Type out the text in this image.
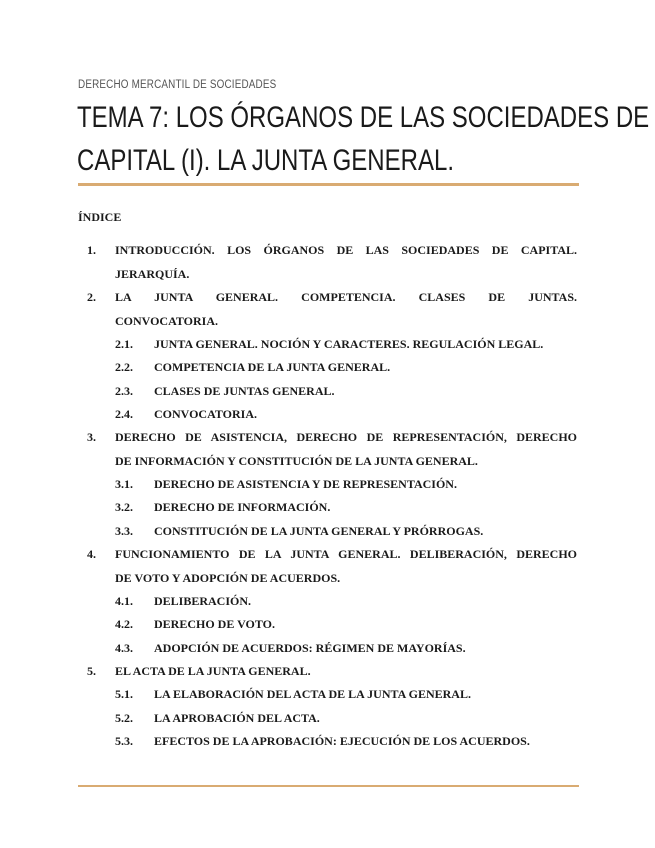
DERECHO MERCANTIL DE SOCIEDADES
TEMA 7: LOS ÓRGANOS DE LAS SOCIEDADES DE
CAPITAL (I). LA JUNTA GENERAL.
ÍNDICE
1. INTRODUCCIÓN. LOS ÓRGANOS DE LAS SOCIEDADES DE CAPITAL.
JERARQUÍA.
2. LA JUNTA GENERAL. COMPETENCIA. CLASES DE JUNTAS.
CONVOCATORIA.
2.1. JUNTA GENERAL. NOCIÓN Y CARACTERES. REGULACIÓN LEGAL.
2.2. COMPETENCIA DE LA JUNTA GENERAL.
2.3. CLASES DE JUNTAS GENERAL.
2.4. CONVOCATORIA.
3. DERECHO DE ASISTENCIA, DERECHO DE REPRESENTACIÓN, DERECHO
DE INFORMACIÓN Y CONSTITUCIÓN DE LA JUNTA GENERAL.
3.1. DERECHO DE ASISTENCIA Y DE REPRESENTACIÓN.
3.2. DERECHO DE INFORMACIÓN.
3.3. CONSTITUCIÓN DE LA JUNTA GENERAL Y PRÓRROGAS.
4. FUNCIONAMIENTO DE LA JUNTA GENERAL. DELIBERACIÓN, DERECHO
DE VOTO Y ADOPCIÓN DE ACUERDOS.
4.1. DELIBERACIÓN.
4.2. DERECHO DE VOTO.
4.3. ADOPCIÓN DE ACUERDOS: RÉGIMEN DE MAYORÍAS.
5. EL ACTA DE LA JUNTA GENERAL.
5.1. LA ELABORACIÓN DEL ACTA DE LA JUNTA GENERAL.
5.2. LA APROBACIÓN DEL ACTA.
5.3. EFECTOS DE LA APROBACIÓN: EJECUCIÓN DE LOS ACUERDOS.
